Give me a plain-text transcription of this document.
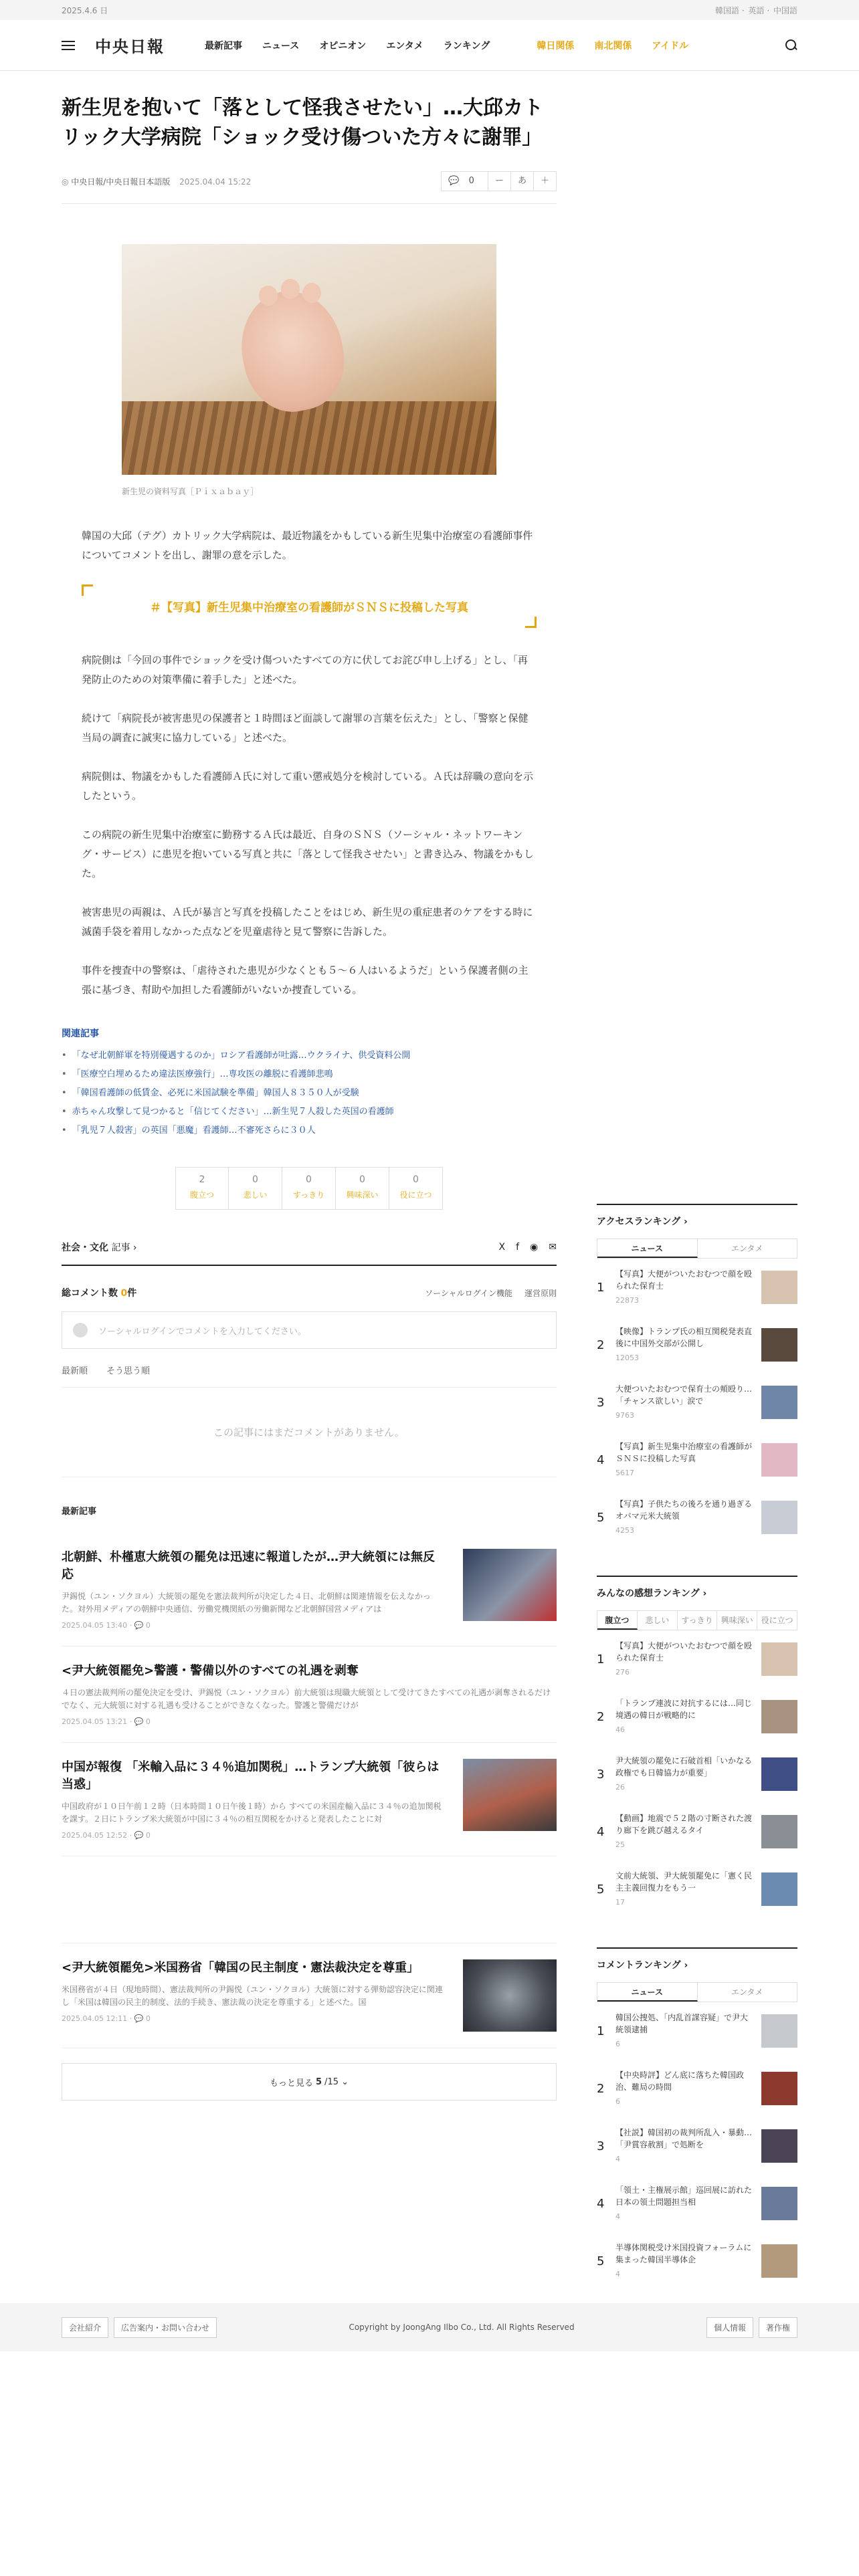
2025.4.6 日	韓国語 · 英語 · 中国語
中央日報	最新記事 ニュース オピニオン エンタメ ランキング	韓日関係 南北関係 アイドル
新生児を抱いて「落として怪我させたい」…大邱カトリック大学病院「ショック受け傷ついた方々に謝罪」
◎ 中央日報/中央日報日本語版 2025.04.04 15:22	💬 0	ー	あ	＋
新生児の資料写真［Ｐｉｘａｂａｙ］

韓国の大邱（テグ）カトリック大学病院は、最近物議をかもしている新生児集中治療室の看護師事件についてコメントを出し、謝罪の意を示した。

＃【写真】新生児集中治療室の看護師がＳＮＳに投稿した写真

病院側は「今回の事件でショックを受け傷ついたすべての方に伏してお詫び申し上げる」とし、「再発防止のための対策準備に着手した」と述べた。

続けて「病院長が被害患児の保護者と１時間ほど面談して謝罪の言葉を伝えた」とし、「警察と保健当局の調査に誠実に協力している」と述べた。

病院側は、物議をかもした看護師Ａ氏に対して重い懲戒処分を検討している。Ａ氏は辞職の意向を示したという。

この病院の新生児集中治療室に勤務するＡ氏は最近、自身のＳＮＳ（ソーシャル・ネットワーキング・サービス）に患児を抱いている写真と共に「落として怪我させたい」と書き込み、物議をかもした。

被害患児の両親は、Ａ氏が暴言と写真を投稿したことをはじめ、新生児の重症患者のケアをする時に滅菌手袋を着用しなかった点などを児童虐待と見て警察に告訴した。

事件を捜査中の警察は、「虐待された患児が少なくとも５～６人はいるようだ」という保護者側の主張に基づき、幇助や加担した看護師がいないか捜査している。

関連記事
• 「なぜ北朝鮮軍を特別優遇するのか」ロシア看護師が吐露…ウクライナ、供受資料公開
• 「医療空白埋めるため違法医療強行」…専攻医の離脱に看護師悲鳴
• 「韓国看護師の低賃金、必死に米国試験を準備」韓国人８３５０人が受験
• 赤ちゃん攻撃して見つかると「信じてください」…新生児７人殺した英国の看護師
• 「乳児７人殺害」の英国「悪魔」看護師…不審死さらに３０人
2
腹立つ
0
悲しい
0
すっきり
0
興味深い
0
役に立つ
社会・文化 記事 ›	X f ◉ ✉
総コメント数 0件	ソーシャルログイン機能 運営原則
ソーシャルログインでコメントを入力してください。
最新順 そう思う順
この記事にはまだコメントがありません。
最新記事
北朝鮮、朴槿恵大統領の罷免は迅速に報道したが…尹大統領には無反応
尹錫悦（ユン・ソクヨル）大統領の罷免を憲法裁判所が決定した４日、北朝鮮は関連情報を伝えなかった。対外用メディアの朝鮮中央通信、労働党機関紙の労働新聞など北朝鮮国営メディアは
2025.04.05 13:40 · 💬 0
<尹大統領罷免>警護・警備以外のすべての礼遇を剥奪
４日の憲法裁判所の罷免決定を受け、尹錫悦（ユン・ソクヨル）前大統領は現職大統領として受けてきたすべての礼遇が剥奪されるだけでなく、元大統領に対する礼遇も受けることができなくなった。警護と警備だけが
2025.04.05 13:21 · 💬 0
中国が報復 「米輸入品に３４％追加関税」…トランプ大統領「彼らは当惑」
中国政府が１０日午前１２時（日本時間１０日午後１時）から すべての米国産輸入品に３４％の追加関税を課す。２日にトランプ米大統領が中国に３４％の相互関税をかけると発表したことに対
2025.04.05 12:52 · 💬 0
<尹大統領罷免>米国務省「韓国の民主制度・憲法裁決定を尊重」
米国務省が４日（現地時間）、憲法裁判所の尹錫悦（ユン・ソクヨル）大統領に対する弾劾認容決定に関連し「米国は韓国の民主的制度、法的手続き、憲法裁の決定を尊重する」と述べた。国
2025.04.05 12:11 · 💬 0
もっと見る 5 / 15 ⌄
アクセスランキング ›
ニュース	エンタメ
1
【写真】大便がついたおむつで顔を殴られた保育士
22873
2
【映像】トランプ氏の相互関税発表直後に中国外交部が公開し
12053
3
大便ついたおむつで保育士の頬殴り…「チャンス欲しい」涙で
9763
4
【写真】新生児集中治療室の看護師がＳＮＳに投稿した写真
5617
5
【写真】子供たちの後ろを通り過ぎるオバマ元米大統領
4253
みんなの感想ランキング ›
腹立つ	悲しい	すっきり	興味深い 役に立つ
1
【写真】大便がついたおむつで顔を殴られた保育士
276
2
「トランプ連波に対抗するには…同じ境遇の韓日が戦略的に
46
3
尹大統領の罷免に石破首相「いかなる政権でも日韓協力が重要」
26
4
【動画】地震で５２階の寸断された渡り廊下を跳び越えるタイ
25
5
文前大統領、尹大統領罷免に「憲く民主主義回復力をもう一
17
コメントランキング ›
ニュース	エンタメ
1
韓国公捜処、「内乱首謀容疑」で尹大統領逮捕
6
2
【中央時評】どん底に落ちた韓国政治、難局の時間
6
3
【社説】韓国初の裁判所乱入・暴動…「尹賞容赦割」で処断を
4
4
「領土・主権展示館」巡回展に訪れた日本の領土問題担当相
4
5
半導体関税受け米国投資フォーラムに集まった韓国半導体企
4
会社紹介	広告案内・お問い合わせ	Copyright by JoongAng Ilbo Co., Ltd. All Rights Reserved	個人情報	著作権
